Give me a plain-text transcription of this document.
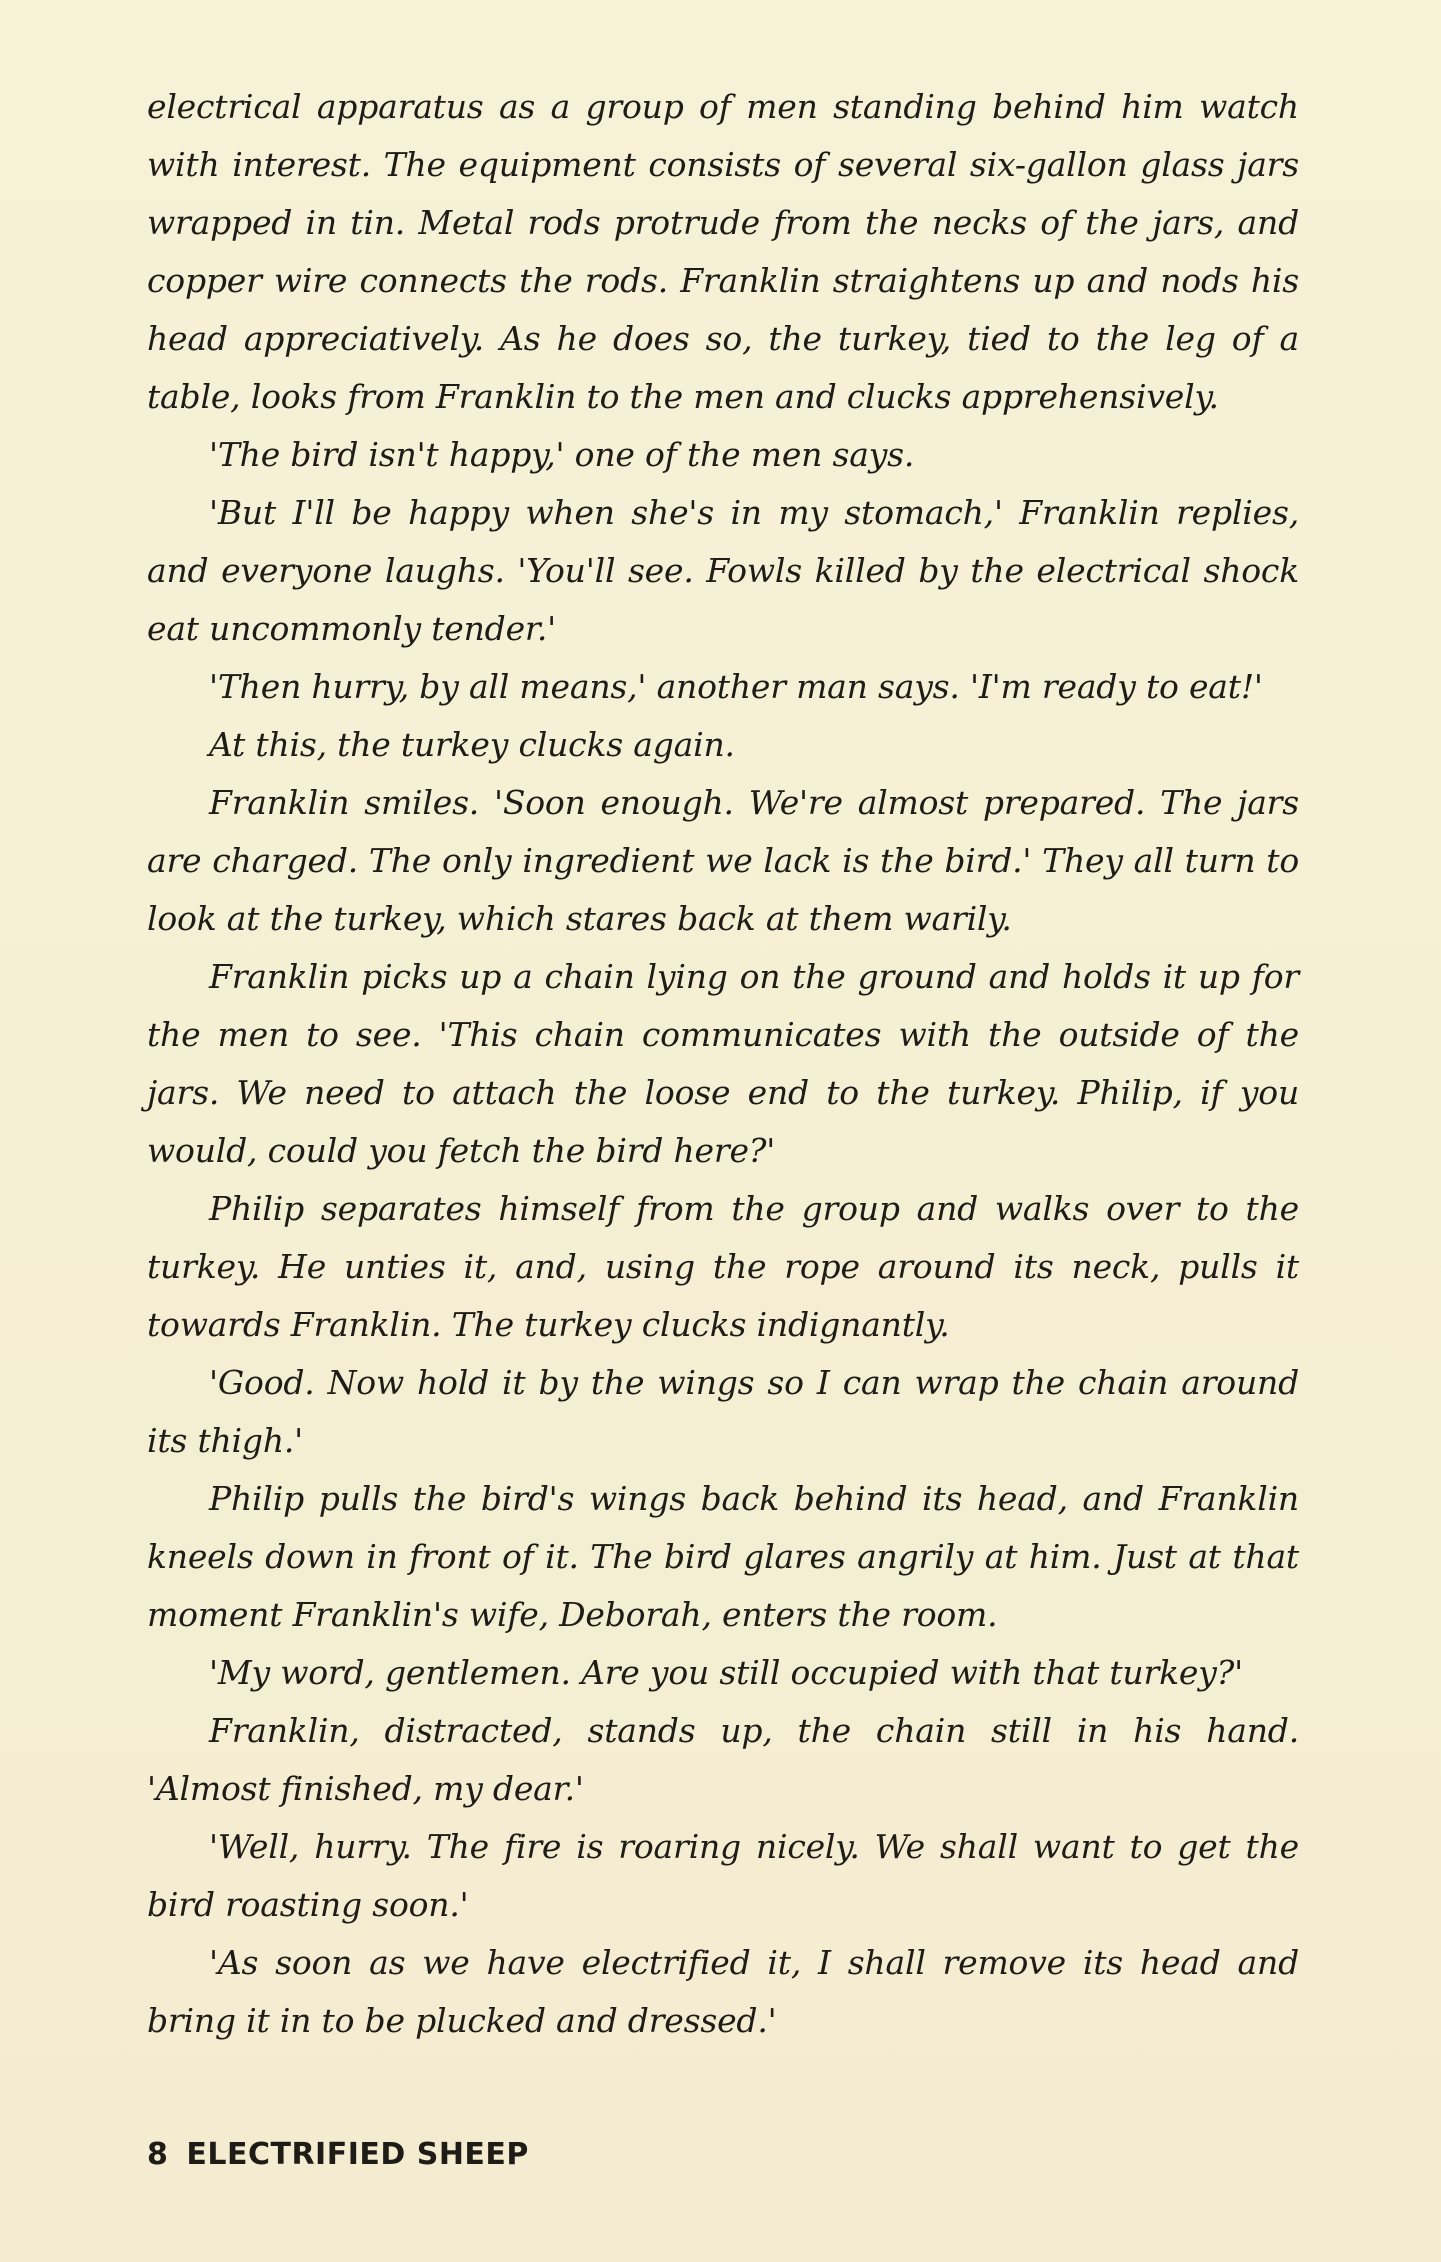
electrical apparatus as a group of men standing behind him watch with interest. The equipment consists of several six-gallon glass jars wrapped in tin. Metal rods protrude from the necks of the jars, and copper wire connects the rods. Franklin straightens up and nods his head appreciatively. As he does so, the turkey, tied to the leg of a table, looks from Franklin to the men and clucks apprehensively.

'The bird isn't happy,' one of the men says.

'But I'll be happy when she's in my stomach,' Franklin replies, and everyone laughs. 'You'll see. Fowls killed by the electrical shock eat uncommonly tender.'

'Then hurry, by all means,' another man says. 'I'm ready to eat!'

At this, the turkey clucks again.

Franklin smiles. 'Soon enough. We're almost prepared. The jars are charged. The only ingredient we lack is the bird.' They all turn to look at the turkey, which stares back at them warily.

Franklin picks up a chain lying on the ground and holds it up for the men to see. 'This chain communicates with the outside of the jars. We need to attach the loose end to the turkey. Philip, if you would, could you fetch the bird here?'

Philip separates himself from the group and walks over to the turkey. He unties it, and, using the rope around its neck, pulls it towards Franklin. The turkey clucks indignantly.

'Good. Now hold it by the wings so I can wrap the chain around its thigh.'

Philip pulls the bird's wings back behind its head, and Franklin kneels down in front of it. The bird glares angrily at him. Just at that moment Franklin's wife, Deborah, enters the room.

'My word, gentlemen. Are you still occupied with that turkey?'

Franklin, distracted, stands up, the chain still in his hand. 'Almost finished, my dear.'

'Well, hurry. The fire is roaring nicely. We shall want to get the bird roasting soon.'

'As soon as we have electrified it, I shall remove its head and bring it in to be plucked and dressed.'

8 ELECTRIFIED SHEEP
